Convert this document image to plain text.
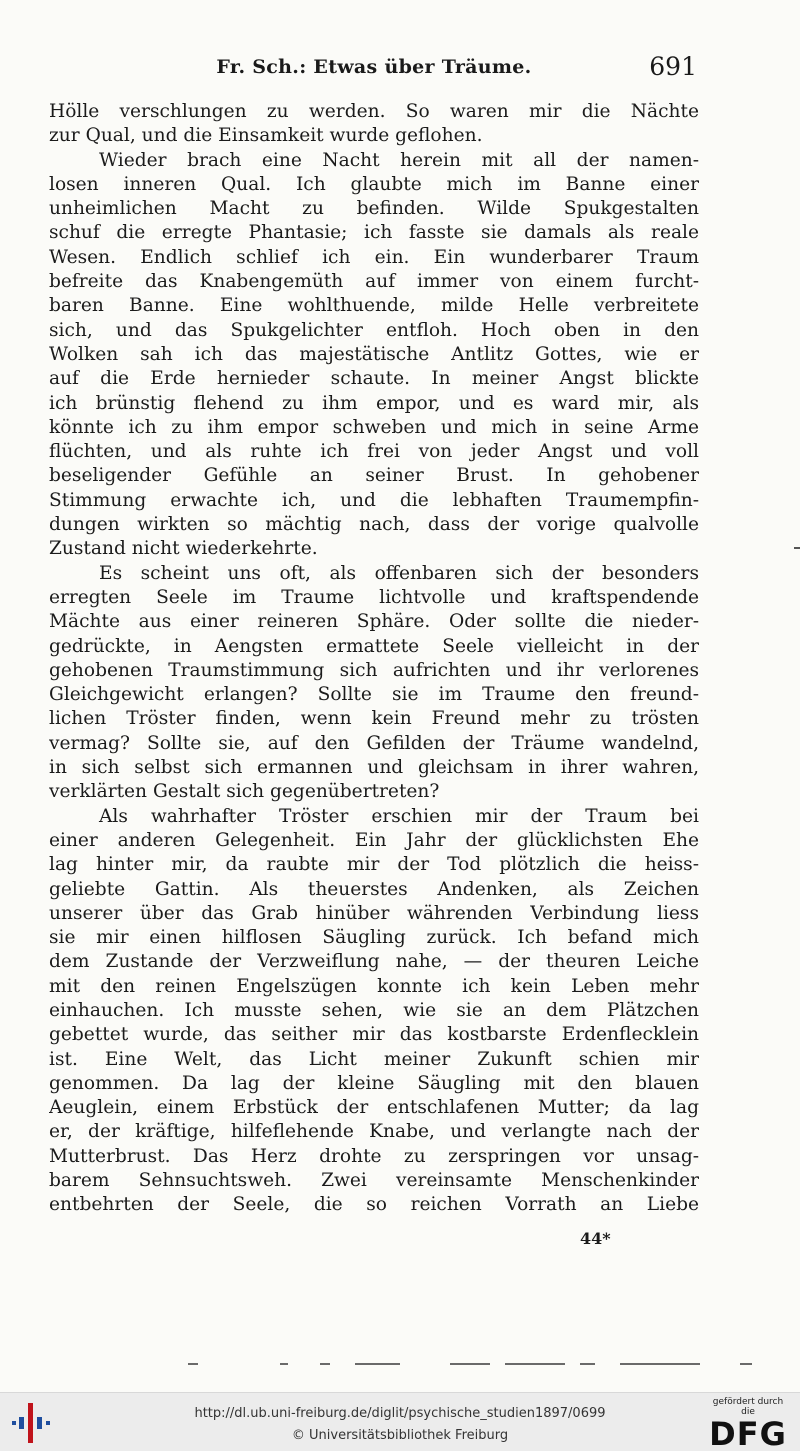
Fr. Sch.: Etwas über Träume.	691
Hölle verschlungen zu werden. So waren mir die Nächte
zur Qual, und die Einsamkeit wurde geflohen.
Wieder brach eine Nacht herein mit all der namen-
losen inneren Qual. Ich glaubte mich im Banne einer
unheimlichen Macht zu befinden. Wilde Spukgestalten
schuf die erregte Phantasie; ich fasste sie damals als reale
Wesen. Endlich schlief ich ein. Ein wunderbarer Traum
befreite das Knabengemüth auf immer von einem furcht-
baren Banne. Eine wohlthuende, milde Helle verbreitete
sich, und das Spukgelichter entfloh. Hoch oben in den
Wolken sah ich das majestätische Antlitz Gottes, wie er
auf die Erde hernieder schaute. In meiner Angst blickte
ich brünstig flehend zu ihm empor, und es ward mir, als
könnte ich zu ihm empor schweben und mich in seine Arme
flüchten, und als ruhte ich frei von jeder Angst und voll
beseligender Gefühle an seiner Brust. In gehobener
Stimmung erwachte ich, und die lebhaften Traumempfin-
dungen wirkten so mächtig nach, dass der vorige qualvolle
Zustand nicht wiederkehrte.
Es scheint uns oft, als offenbaren sich der besonders
erregten Seele im Traume lichtvolle und kraftspendende
Mächte aus einer reineren Sphäre. Oder sollte die nieder-
gedrückte, in Aengsten ermattete Seele vielleicht in der
gehobenen Traumstimmung sich aufrichten und ihr verlorenes
Gleichgewicht erlangen? Sollte sie im Traume den freund-
lichen Tröster finden, wenn kein Freund mehr zu trösten
vermag? Sollte sie, auf den Gefilden der Träume wandelnd,
in sich selbst sich ermannen und gleichsam in ihrer wahren,
verklärten Gestalt sich gegenübertreten?
Als wahrhafter Tröster erschien mir der Traum bei
einer anderen Gelegenheit. Ein Jahr der glücklichsten Ehe
lag hinter mir, da raubte mir der Tod plötzlich die heiss-
geliebte Gattin. Als theuerstes Andenken, als Zeichen
unserer über das Grab hinüber währenden Verbindung liess
sie mir einen hilflosen Säugling zurück. Ich befand mich
dem Zustande der Verzweiflung nahe, — der theuren Leiche
mit den reinen Engelszügen konnte ich kein Leben mehr
einhauchen. Ich musste sehen, wie sie an dem Plätzchen
gebettet wurde, das seither mir das kostbarste Erdenflecklein
ist. Eine Welt, das Licht meiner Zukunft schien mir
genommen. Da lag der kleine Säugling mit den blauen
Aeuglein, einem Erbstück der entschlafenen Mutter; da lag
er, der kräftige, hilfeflehende Knabe, und verlangte nach der
Mutterbrust. Das Herz drohte zu zerspringen vor unsag-
barem Sehnsuchtsweh. Zwei vereinsamte Menschenkinder
entbehrten der Seele, die so reichen Vorrath an Liebe
44*
http://dl.ub.uni-freiburg.de/diglit/psychische_studien1897/0699
© Universitätsbibliothek Freiburg
gefördert durch die
DFG
